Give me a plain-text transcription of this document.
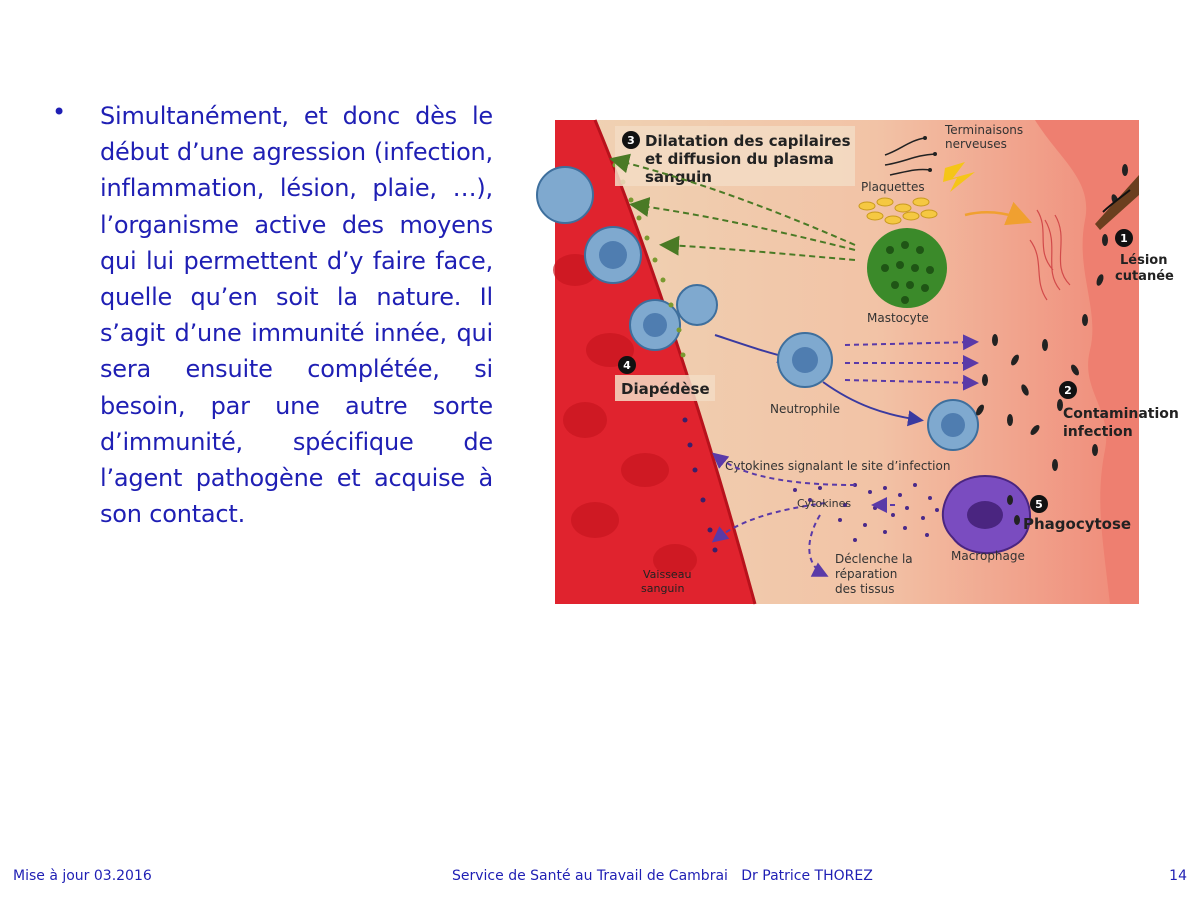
• Simultanément, et donc dès le début d’une agression (infection, inflammation, lésion, plaie, …), l’organisme active des moyens qui lui permettent d’y faire face, quelle qu’en soit la nature. Il s’agit d’une immunité innée, qui sera ensuite complétée, si besoin, par une autre sorte d’immunité, spécifique de l’agent pathogène et acquise à son contact.

3 Dilatation des capilaires
et diffusion du plasma
sanguin
Terminaisons
nerveuses
Plaquettes
Mastocyte
4
Diapédèse
Neutrophile
1
Lésion
cutanée
2
Contamination
infection
Cytokines signalant le site d’infection
Cytokines
Macrophage
5
Phagocytose
Déclenche la
réparation
des tissus
Vaisseau
sanguin
Mise à jour 03.2016	Service de Santé au Travail de Cambrai   Dr Patrice THOREZ	14
